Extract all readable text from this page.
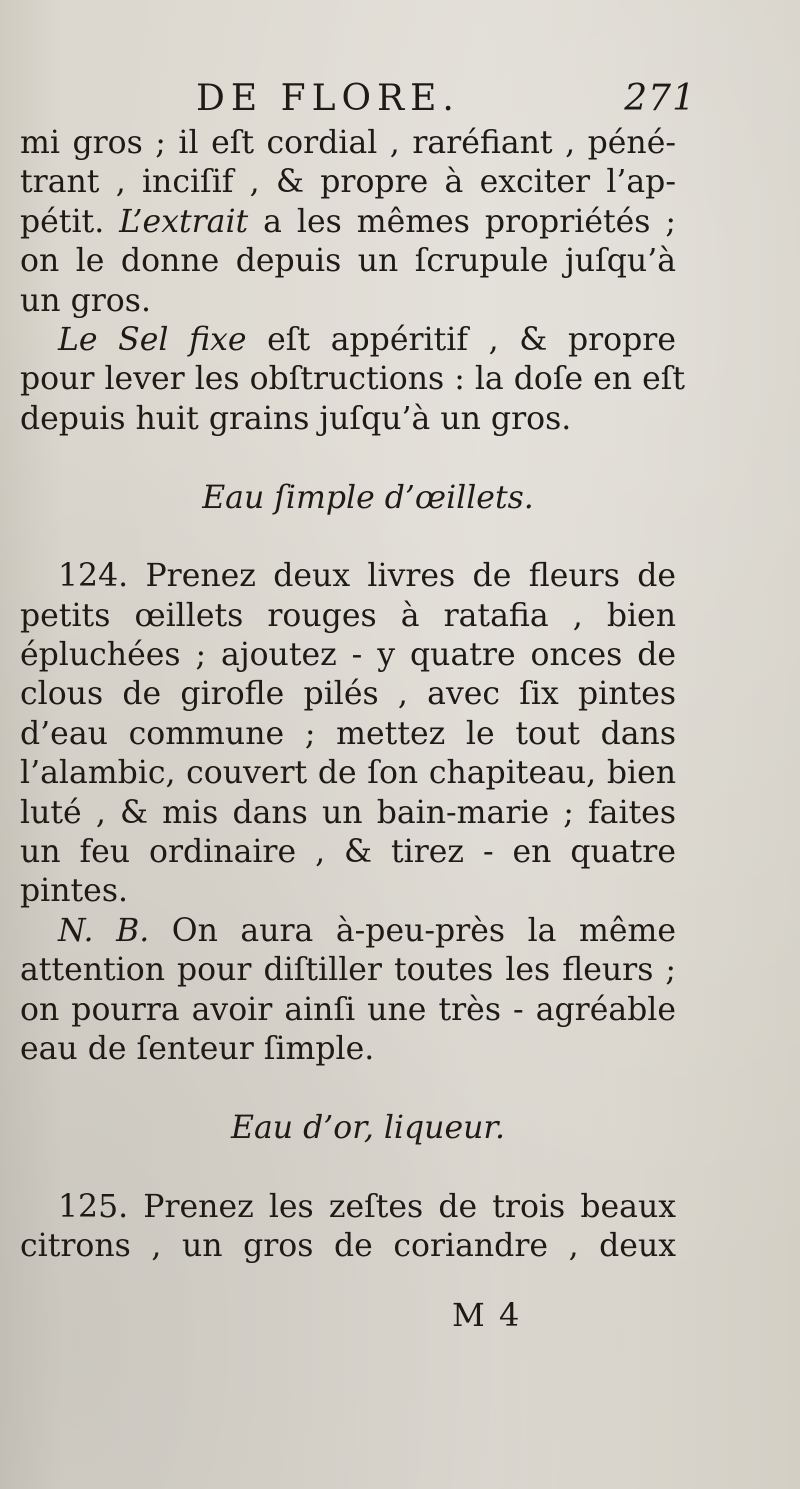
DE FLORE.	271
mi gros ; il eſt cordial , raréfiant , péné-
trant , inciſif , & propre à exciter l’ap-
pétit. L’extrait a les mêmes propriétés ;
on le donne depuis un ſcrupule juſqu’à
un gros.
Le Sel fixe eſt appéritif , & propre
pour lever les obſtructions : la doſe en eſt
depuis huit grains juſqu’à un gros.
Eau ſimple d’œillets.
124. Prenez deux livres de fleurs de
petits œillets rouges à ratafia , bien
épluchées ; ajoutez - y quatre onces de
clous de girofle pilés , avec ſix pintes
d’eau commune ; mettez le tout dans
l’alambic, couvert de ſon chapiteau, bien
luté , & mis dans un bain-marie ; faites
un feu ordinaire , & tirez - en quatre
pintes.
N. B. On aura à-peu-près la même
attention pour diſtiller toutes les fleurs ;
on pourra avoir ainſi une très - agréable
eau de ſenteur ſimple.
Eau d’or, liqueur.
125. Prenez les zeſtes de trois beaux
citrons , un gros de coriandre , deux
M 4
